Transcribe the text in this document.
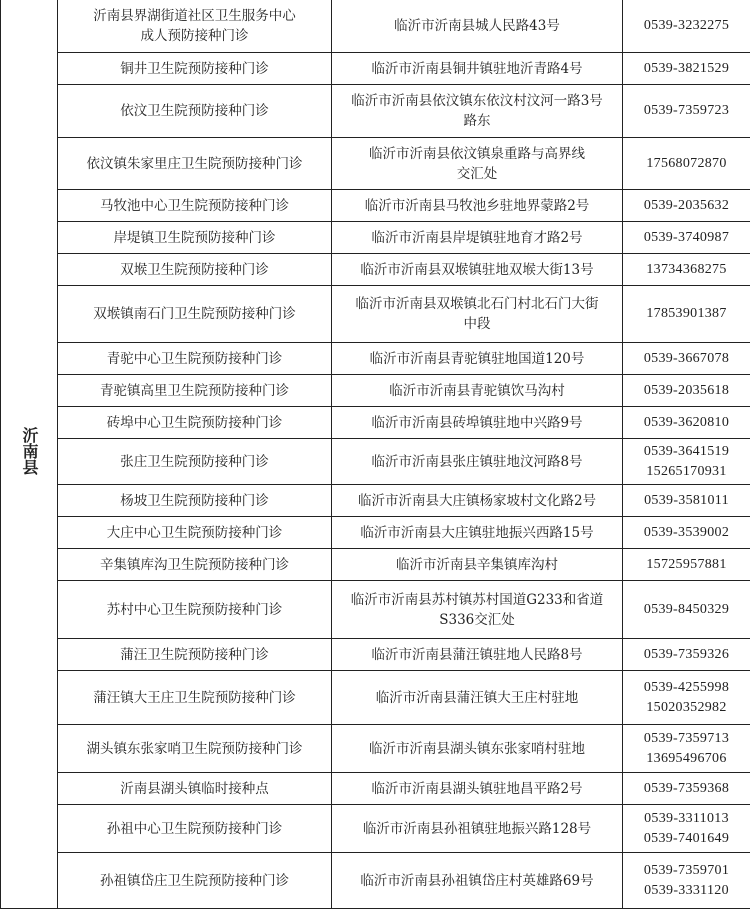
沂南县	沂南县界湖街道社区卫生服务中心
成人预防接种门诊	临沂市沂南县城人民路43号	0539-3232275

	铜井卫生院预防接种门诊	临沂市沂南县铜井镇驻地沂青路4号	0539-3821529

	依汶卫生院预防接种门诊	临沂市沂南县依汶镇东依汶村汶河一路3号
路东	0539-7359723

	依汶镇朱家里庄卫生院预防接种门诊	临沂市沂南县依汶镇泉重路与高界线
交汇处	17568072870

	马牧池中心卫生院预防接种门诊	临沂市沂南县马牧池乡驻地界蒙路2号	0539-2035632

	岸堤镇卫生院预防接种门诊	临沂市沂南县岸堤镇驻地育才路2号	0539-3740987

	双堠卫生院预防接种门诊	临沂市沂南县双堠镇驻地双堠大街13号	13734368275

	双堠镇南石门卫生院预防接种门诊	临沂市沂南县双堠镇北石门村北石门大街
中段	17853901387

	青驼中心卫生院预防接种门诊	临沂市沂南县青驼镇驻地国道120号	0539-3667078

	青驼镇高里卫生院预防接种门诊	临沂市沂南县青驼镇饮马沟村	0539-2035618

	砖埠中心卫生院预防接种门诊	临沂市沂南县砖埠镇驻地中兴路9号	0539-3620810

	张庄卫生院预防接种门诊	临沂市沂南县张庄镇驻地汶河路8号	0539-3641519
15265170931

	杨坡卫生院预防接种门诊	临沂市沂南县大庄镇杨家坡村文化路2号	0539-3581011

	大庄中心卫生院预防接种门诊	临沂市沂南县大庄镇驻地振兴西路15号	0539-3539002

	辛集镇库沟卫生院预防接种门诊	临沂市沂南县辛集镇库沟村	15725957881

	苏村中心卫生院预防接种门诊	临沂市沂南县苏村镇苏村国道G233和省道
S336交汇处	0539-8450329

	蒲汪卫生院预防接种门诊	临沂市沂南县蒲汪镇驻地人民路8号	0539-7359326

	蒲汪镇大王庄卫生院预防接种门诊	临沂市沂南县蒲汪镇大王庄村驻地	0539-4255998
15020352982

	湖头镇东张家哨卫生院预防接种门诊	临沂市沂南县湖头镇东张家哨村驻地	0539-7359713
13695496706

	沂南县湖头镇临时接种点	临沂市沂南县湖头镇驻地昌平路2号	0539-7359368

	孙祖中心卫生院预防接种门诊	临沂市沂南县孙祖镇驻地振兴路128号	0539-3311013
0539-7401649

	孙祖镇岱庄卫生院预防接种门诊	临沂市沂南县孙祖镇岱庄村英雄路69号	0539-7359701
0539-3331120
